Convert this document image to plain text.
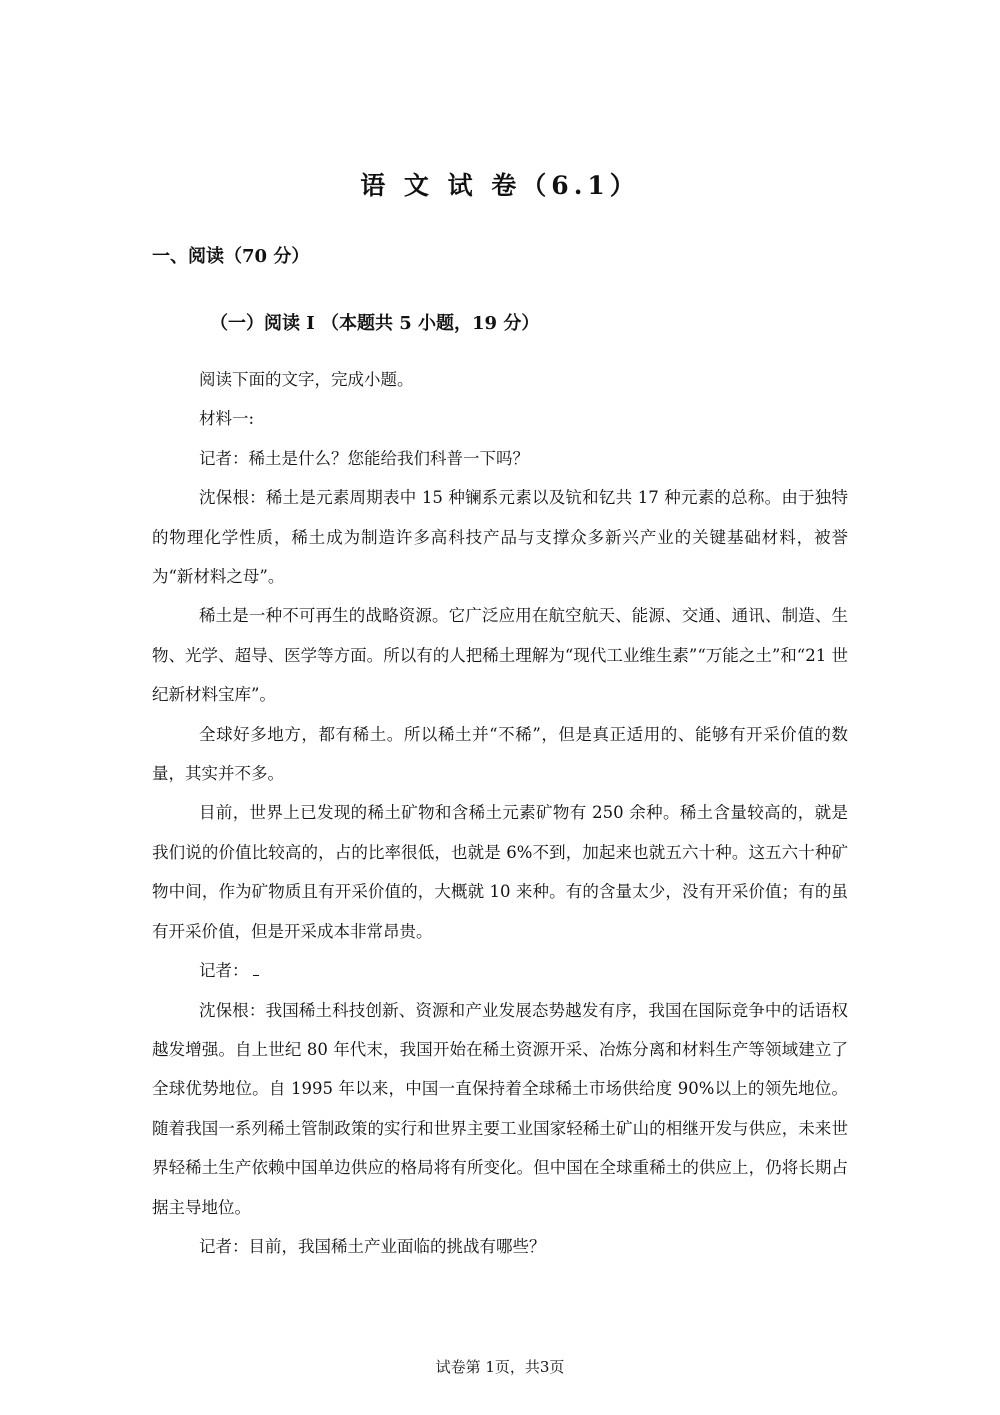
语 文 试 卷（6.1）
一、阅读（70 分）
（一）阅读 I （本题共 5 小题，19 分）

阅读下面的文字，完成小题。

材料一:

记者：稀土是什么？您能给我们科普一下吗？

沈保根：稀土是元素周期表中 15 种镧系元素以及钪和钇共 17 种元素的总称。由于独特的物理化学性质，稀土成为制造许多高科技产品与支撑众多新兴产业的关键基础材料，被誉为“新材料之母”。

稀土是一种不可再生的战略资源。它广泛应用在航空航天、能源、交通、通讯、制造、生物、光学、超导、医学等方面。所以有的人把稀土理解为“现代工业维生素”“万能之土”和“21 世纪新材料宝库”。

全球好多地方，都有稀土。所以稀土并“不稀”，但是真正适用的、能够有开采价值的数量，其实并不多。

目前，世界上已发现的稀土矿物和含稀土元素矿物有 250 余种。稀土含量较高的，就是我们说的价值比较高的，占的比率很低，也就是 6%不到，加起来也就五六十种。这五六十种矿物中间，作为矿物质且有开采价值的，大概就 10 来种。有的含量太少，没有开采价值；有的虽有开采价值，但是开采成本非常昂贵。

记者：

沈保根：我国稀土科技创新、资源和产业发展态势越发有序，我国在国际竞争中的话语权越发增强。自上世纪 80 年代末，我国开始在稀土资源开采、冶炼分离和材料生产等领域建立了全球优势地位。自 1995 年以来，中国一直保持着全球稀土市场供给度 90%以上的领先地位。随着我国一系列稀土管制政策的实行和世界主要工业国家轻稀土矿山的相继开发与供应，未来世界轻稀土生产依赖中国单边供应的格局将有所变化。但中国在全球重稀土的供应上，仍将长期占据主导地位。

记者：目前，我国稀土产业面临的挑战有哪些？

试卷第 1页，共3页
